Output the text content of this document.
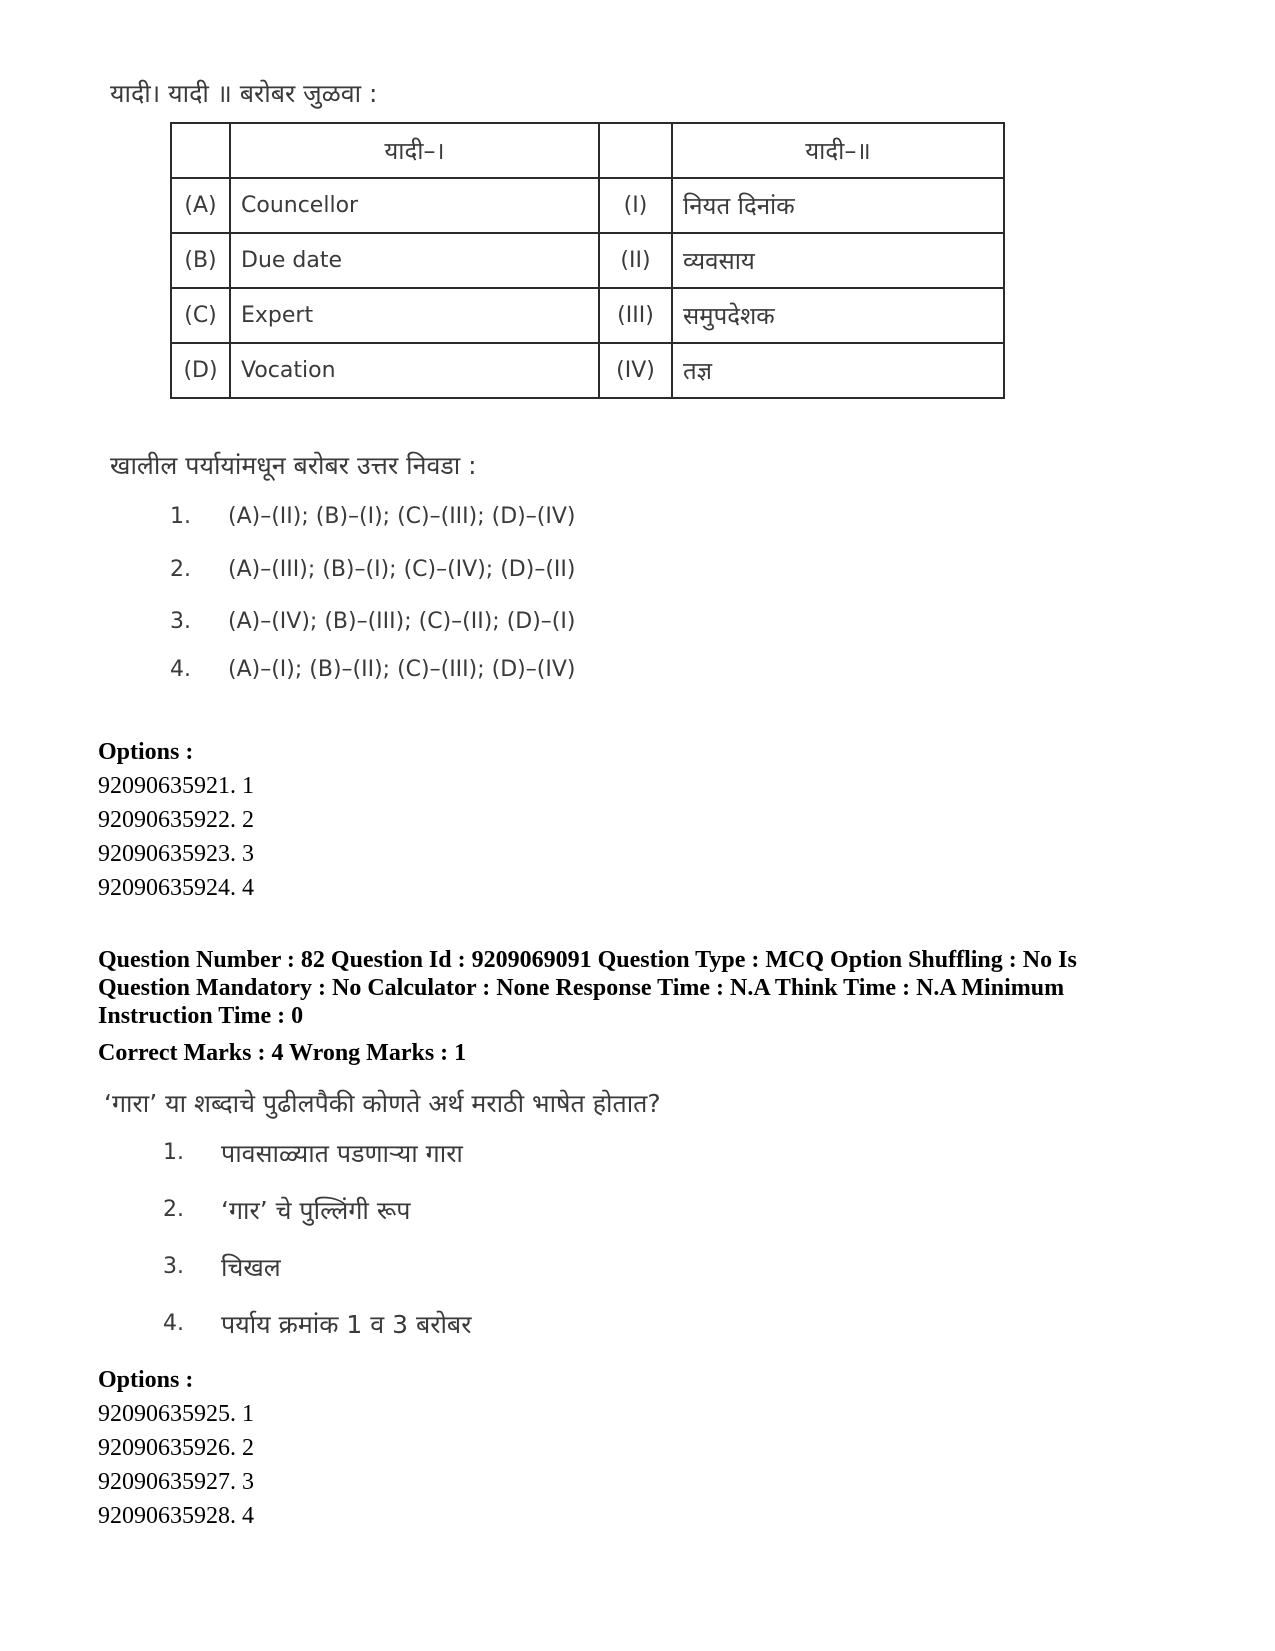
यादी। यादी ॥ बरोबर जुळवा :
	यादी–।		यादी–॥
(A)	Councellor	(I)	नियत दिनांक
(B)	Due date	(II)	व्यवसाय
(C)	Expert	(III)	समुपदेशक
(D)	Vocation	(IV)	तज्ञ
खालील पर्यायांमधून बरोबर उत्तर निवडा :
1. (A)–(II); (B)–(I); (C)–(III); (D)–(IV)
2. (A)–(III); (B)–(I); (C)–(IV); (D)–(II)
3. (A)–(IV); (B)–(III); (C)–(II); (D)–(I)
4. (A)–(I); (B)–(II); (C)–(III); (D)–(IV)
Options :
92090635921. 1
92090635922. 2
92090635923. 3
92090635924. 4
Question Number : 82 Question Id : 9209069091 Question Type : MCQ Option Shuffling : No Is
Question Mandatory : No Calculator : None Response Time : N.A Think Time : N.A Minimum
Instruction Time : 0
Correct Marks : 4 Wrong Marks : 1
‘गारा’ या शब्दाचे पुढीलपैकी कोणते अर्थ मराठी भाषेत होतात?
1. पावसाळ्यात पडणाऱ्या गारा
2. ‘गार’ चे पुल्लिंगी रूप
3. चिखल
4. पर्याय क्रमांक 1 व 3 बरोबर
Options :
92090635925. 1
92090635926. 2
92090635927. 3
92090635928. 4
